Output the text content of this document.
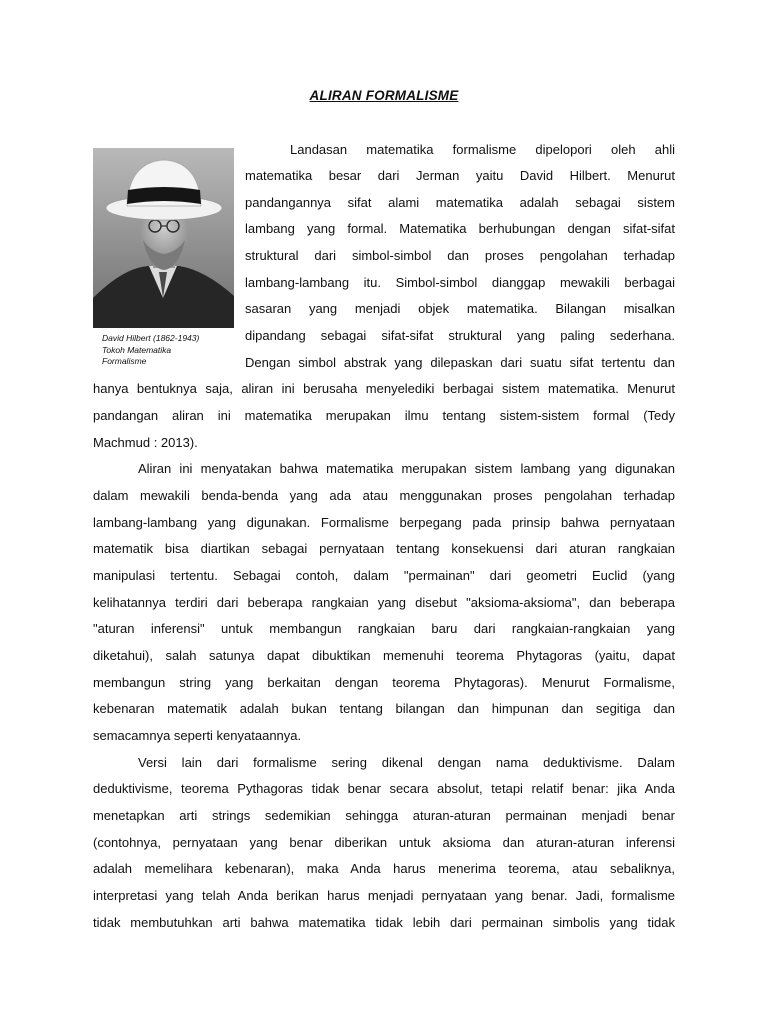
ALIRAN FORMALISME
David Hilbert (1862-1943)
Tokoh Matematika
Formalisme
Landasan matematika formalisme dipelopori oleh ahli
matematika besar dari Jerman yaitu David Hilbert. Menurut
pandangannya sifat alami matematika adalah sebagai sistem
lambang yang formal. Matematika berhubungan dengan sifat-sifat
struktural dari simbol-simbol dan proses pengolahan terhadap
lambang-lambang itu. Simbol-simbol dianggap mewakili berbagai
sasaran yang menjadi objek matematika. Bilangan misalkan
dipandang sebagai sifat-sifat struktural yang paling sederhana.
Dengan simbol abstrak yang dilepaskan dari suatu sifat tertentu dan
hanya bentuknya saja, aliran ini berusaha menyelediki berbagai sistem matematika. Menurut
pandangan aliran ini matematika merupakan ilmu tentang sistem-sistem formal (Tedy
Machmud : 2013).
Aliran ini menyatakan bahwa matematika merupakan sistem lambang yang digunakan
dalam mewakili benda-benda yang ada atau menggunakan proses pengolahan terhadap
lambang-lambang yang digunakan. Formalisme berpegang pada prinsip bahwa pernyataan
matematik bisa diartikan sebagai pernyataan tentang konsekuensi dari aturan rangkaian
manipulasi tertentu. Sebagai contoh, dalam "permainan" dari geometri Euclid (yang
kelihatannya terdiri dari beberapa rangkaian yang disebut "aksioma-aksioma", dan beberapa
"aturan inferensi" untuk membangun rangkaian baru dari rangkaian-rangkaian yang
diketahui), salah satunya dapat dibuktikan memenuhi teorema Phytagoras (yaitu, dapat
membangun string yang berkaitan dengan teorema Phytagoras). Menurut Formalisme,
kebenaran matematik adalah bukan tentang bilangan dan himpunan dan segitiga dan
semacamnya seperti kenyataannya.
Versi lain dari formalisme sering dikenal dengan nama deduktivisme. Dalam
deduktivisme, teorema Pythagoras tidak benar secara absolut, tetapi relatif benar: jika Anda
menetapkan arti strings sedemikian sehingga aturan-aturan permainan menjadi benar
(contohnya, pernyataan yang benar diberikan untuk aksioma dan aturan-aturan inferensi
adalah memelihara kebenaran), maka Anda harus menerima teorema, atau sebaliknya,
interpretasi yang telah Anda berikan harus menjadi pernyataan yang benar. Jadi, formalisme
tidak membutuhkan arti bahwa matematika tidak lebih dari permainan simbolis yang tidak
